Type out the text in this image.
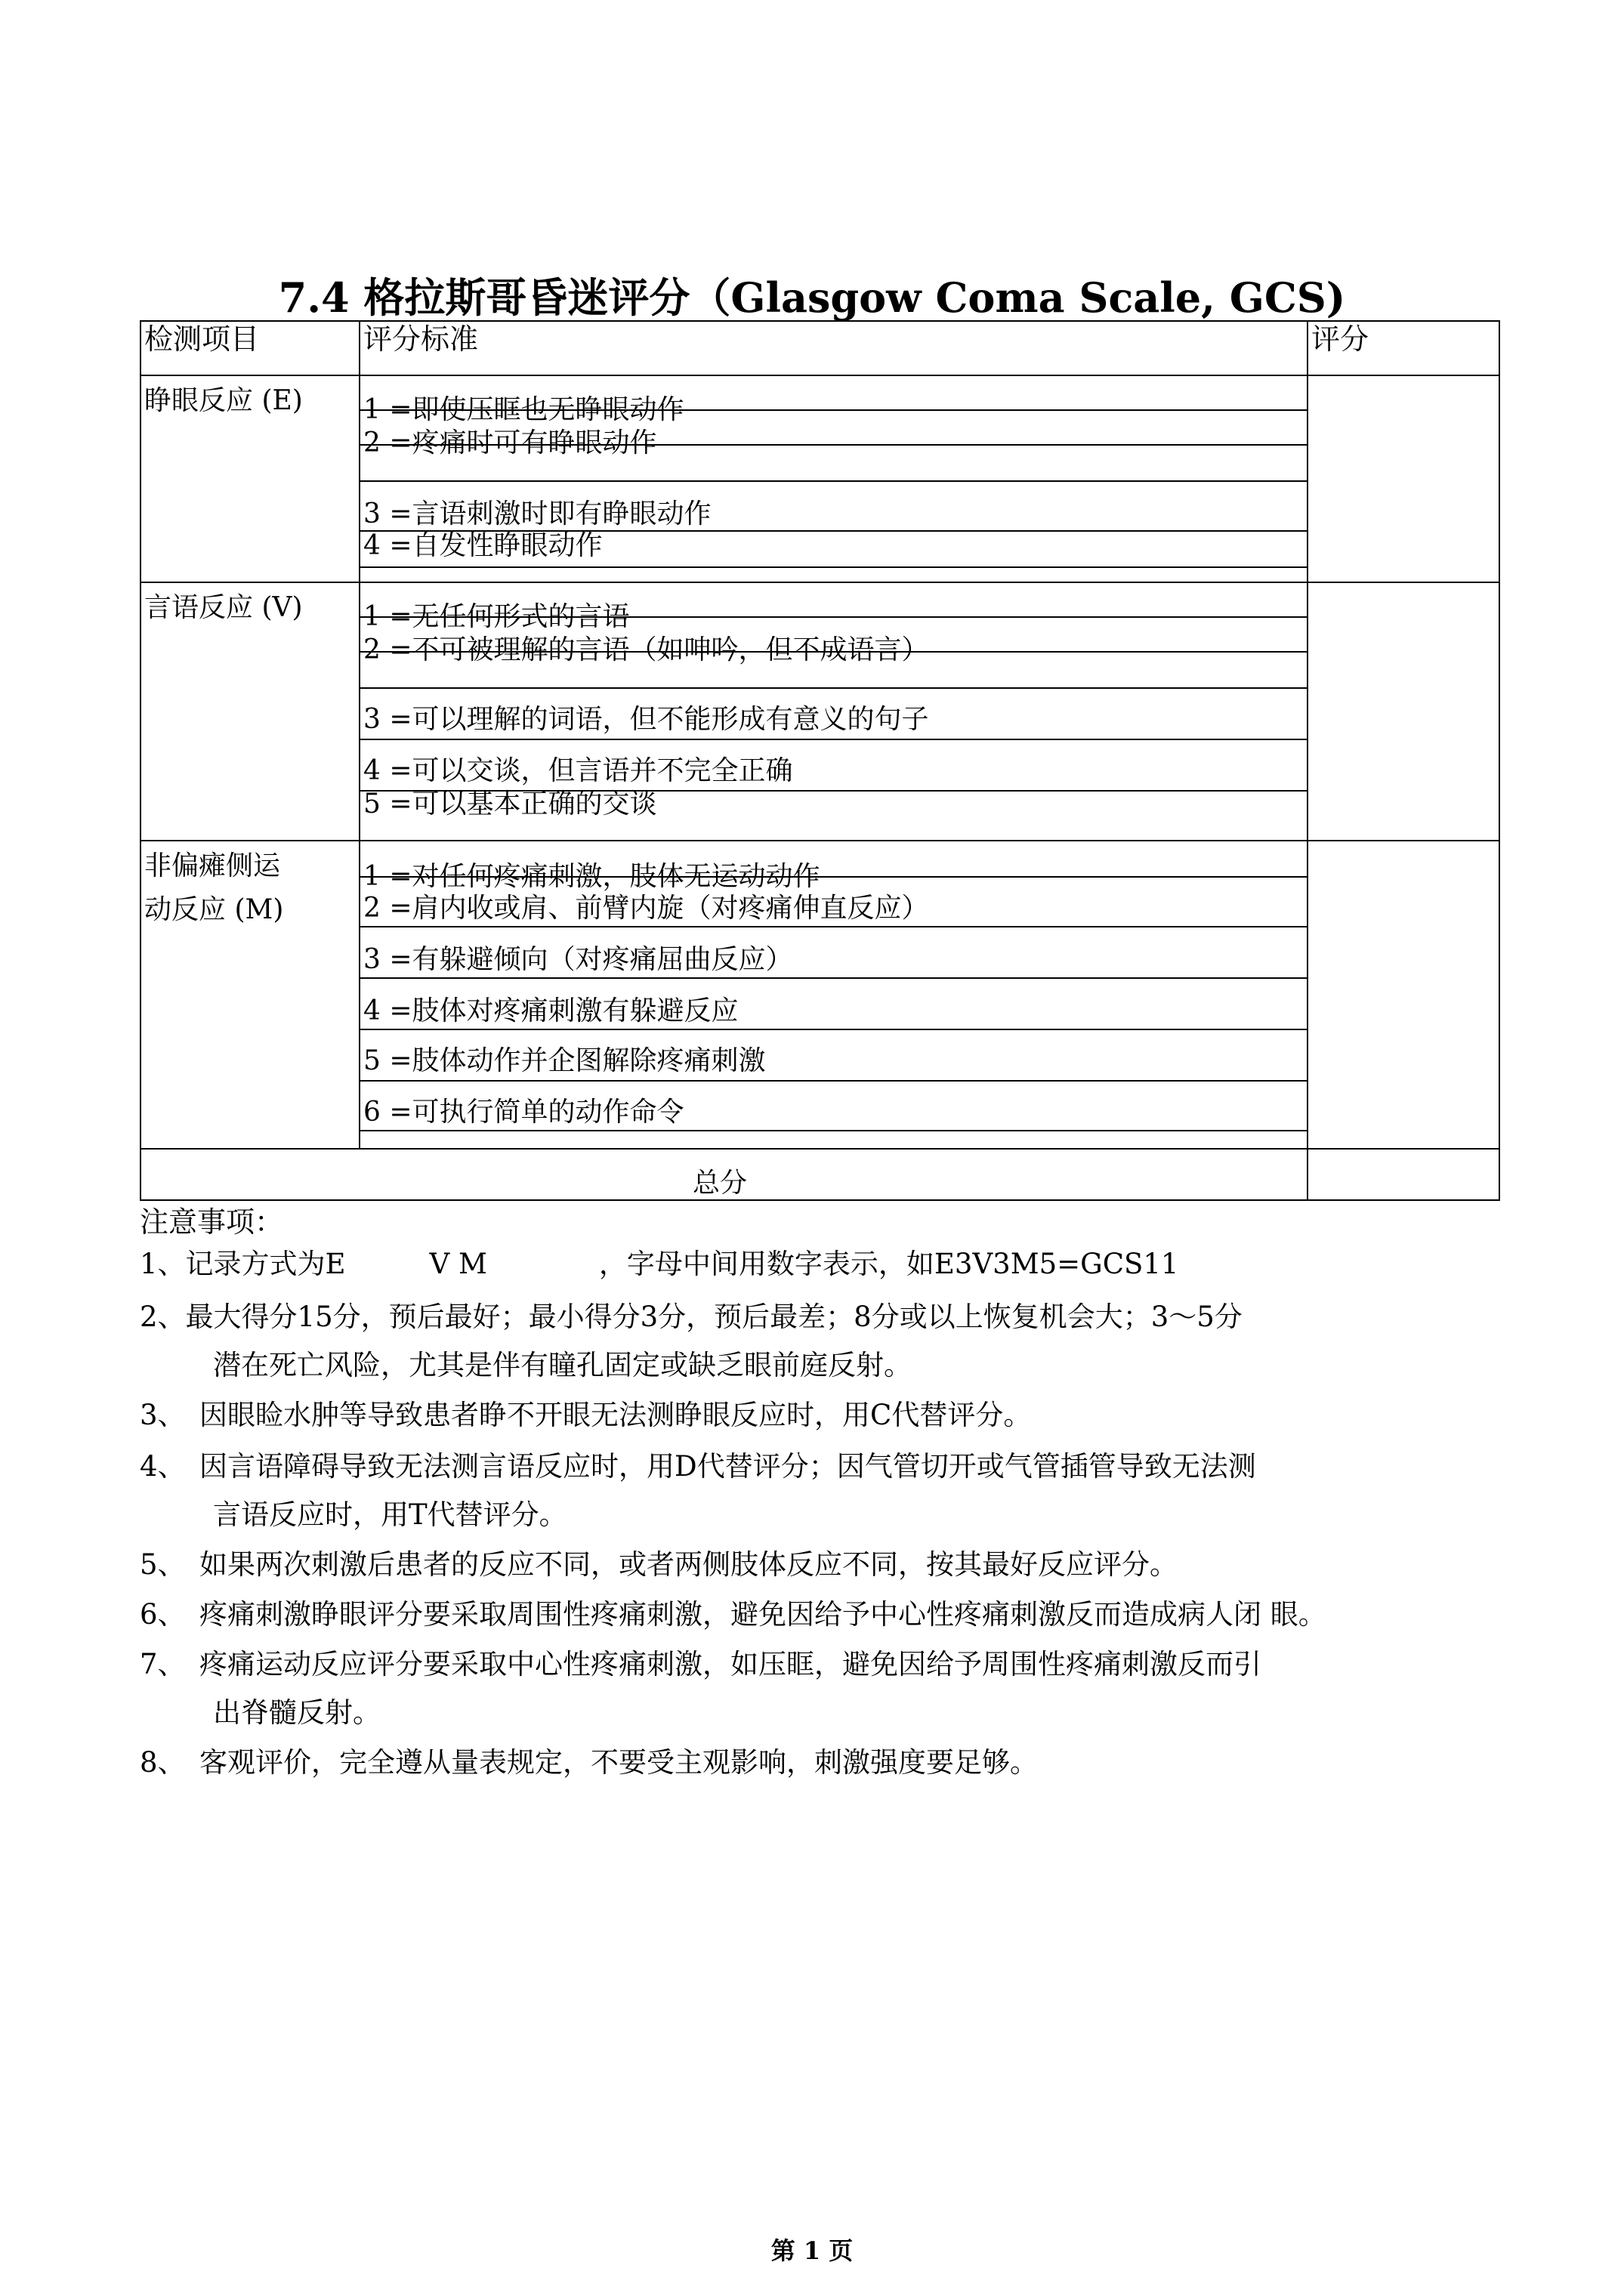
7.4 格拉斯哥昏迷评分（Glasgow Coma Scale, GCS)
检测项目	评分标准	评分
睁眼反应 (E) 1 =即使压眶也无睁眼动作
2 =疼痛时可有睁眼动作
3 =言语刺激时即有睁眼动作
4 =自发性睁眼动作
言语反应 (V) 1 =无任何形式的言语
2 =不可被理解的言语（如呻吟，但不成语言）
3 =可以理解的词语，但不能形成有意义的句子
4 =可以交谈，但言语并不完全正确
5 =可以基本正确的交谈
非偏瘫侧运
动反应 (M)
1 =对任何疼痛刺激，肢体无运动动作
2 =肩内收或肩、前臂内旋（对疼痛伸直反应）
3 =有躲避倾向（对疼痛屈曲反应）
4 =肢体对疼痛刺激有躲避反应
5 =肢体动作并企图解除疼痛刺激
6 =可执行简单的动作命令
总分
注意事项：
1、记录方式为E　　　V M　　　　，字母中间用数字表示，如E3V3M5=GCS11
2、最大得分15分，预后最好；最小得分3分，预后最差；8分或以上恢复机会大；3～5分
潜在死亡风险，尤其是伴有瞳孔固定或缺乏眼前庭反射。
3、　因眼睑水肿等导致患者睁不开眼无法测睁眼反应时，用C代替评分。
4、　因言语障碍导致无法测言语反应时，用D代替评分；因气管切开或气管插管导致无法测
言语反应时，用T代替评分。
5、　如果两次刺激后患者的反应不同，或者两侧肢体反应不同，按其最好反应评分。
6、　疼痛刺激睁眼评分要采取周围性疼痛刺激，避免因给予中心性疼痛刺激反而造成病人闭 眼。
7、　疼痛运动反应评分要采取中心性疼痛刺激，如压眶，避免因给予周围性疼痛刺激反而引
出脊髓反射。
8、　客观评价，完全遵从量表规定，不要受主观影响，刺激强度要足够。
第 1 页
